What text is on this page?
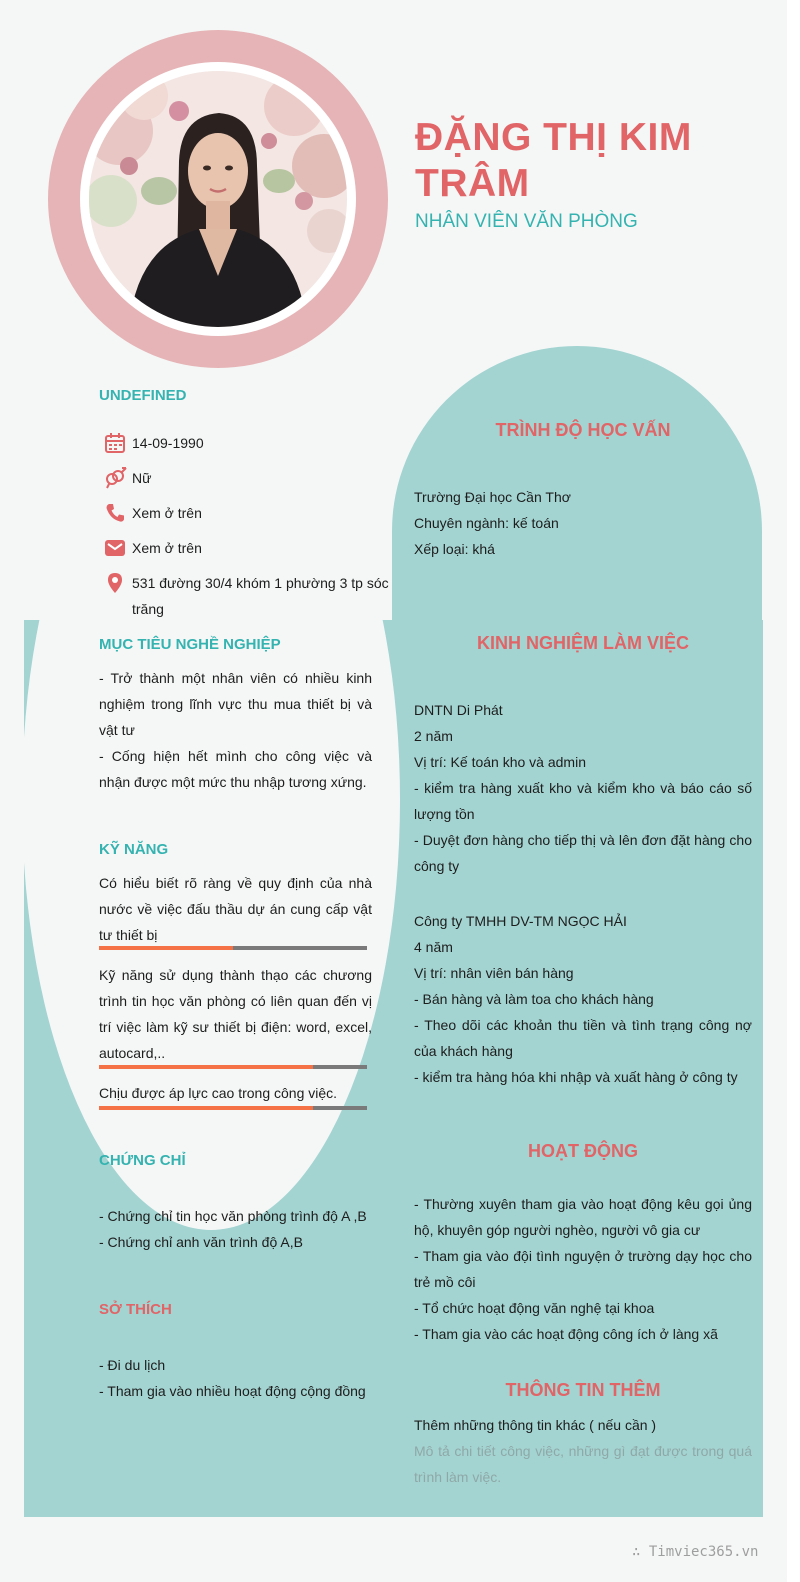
ĐẶNG THỊ KIM TRÂM
NHÂN VIÊN VĂN PHÒNG
UNDEFINED
14-09-1990
Nữ
Xem ở trên
Xem ở trên
531 đường 30/4 khóm 1 phường 3 tp sóc trăng
MỤC TIÊU NGHỀ NGHIỆP
- Trở thành một nhân viên có nhiều kinh nghiệm trong lĩnh vực thu mua thiết bị và vật tư
- Cống hiện hết mình cho công việc và nhận được một mức thu nhập tương xứng.
KỸ NĂNG
Có hiểu biết rõ ràng về quy định của nhà nước về việc đấu thầu dự án cung cấp vật tư thiết bị
Kỹ năng sử dụng thành thạo các chương trình tin học văn phòng có liên quan đến vị trí việc làm kỹ sư thiết bị điện: word, excel, autocard,..
Chịu được áp lực cao trong công việc.
CHỨNG CHỈ
- Chứng chỉ tin học văn phòng trình độ A ,B
- Chứng chỉ anh văn trình độ A,B
SỞ THÍCH
- Đi du lịch
- Tham gia vào nhiều hoạt động cộng đồng
TRÌNH ĐỘ HỌC VẤN
Trường Đại học Cần Thơ
Chuyên ngành: kế toán
Xếp loại: khá
KINH NGHIỆM LÀM VIỆC
DNTN Di Phát
2 năm
Vị trí: Kế toán kho và admin
- kiểm tra hàng xuất kho và kiểm kho và báo cáo số lượng tồn
- Duyệt đơn hàng cho tiếp thị và lên đơn đặt hàng cho công ty
Công ty TMHH DV-TM NGỌC HẢI
4 năm
Vị trí: nhân viên bán hàng
- Bán hàng và làm toa cho khách hàng
- Theo dõi các khoản thu tiền và tình trạng công nợ của khách hàng
- kiểm tra hàng hóa khi nhập và xuất hàng ở công ty
HOẠT ĐỘNG
- Thường xuyên tham gia vào hoạt động kêu gọi ủng hộ, khuyên góp người nghèo, người vô gia cư
- Tham gia vào đội tình nguyện ở trường dạy học cho trẻ mồ côi
- Tổ chức hoạt động văn nghệ tại khoa
- Tham gia vào các hoạt động công ích ở làng xã
THÔNG TIN THÊM
Thêm những thông tin khác ( nếu cần )
Mô tả chi tiết công việc, những gì đạt được trong quá trình làm việc.
∴ Timviec365.vn
